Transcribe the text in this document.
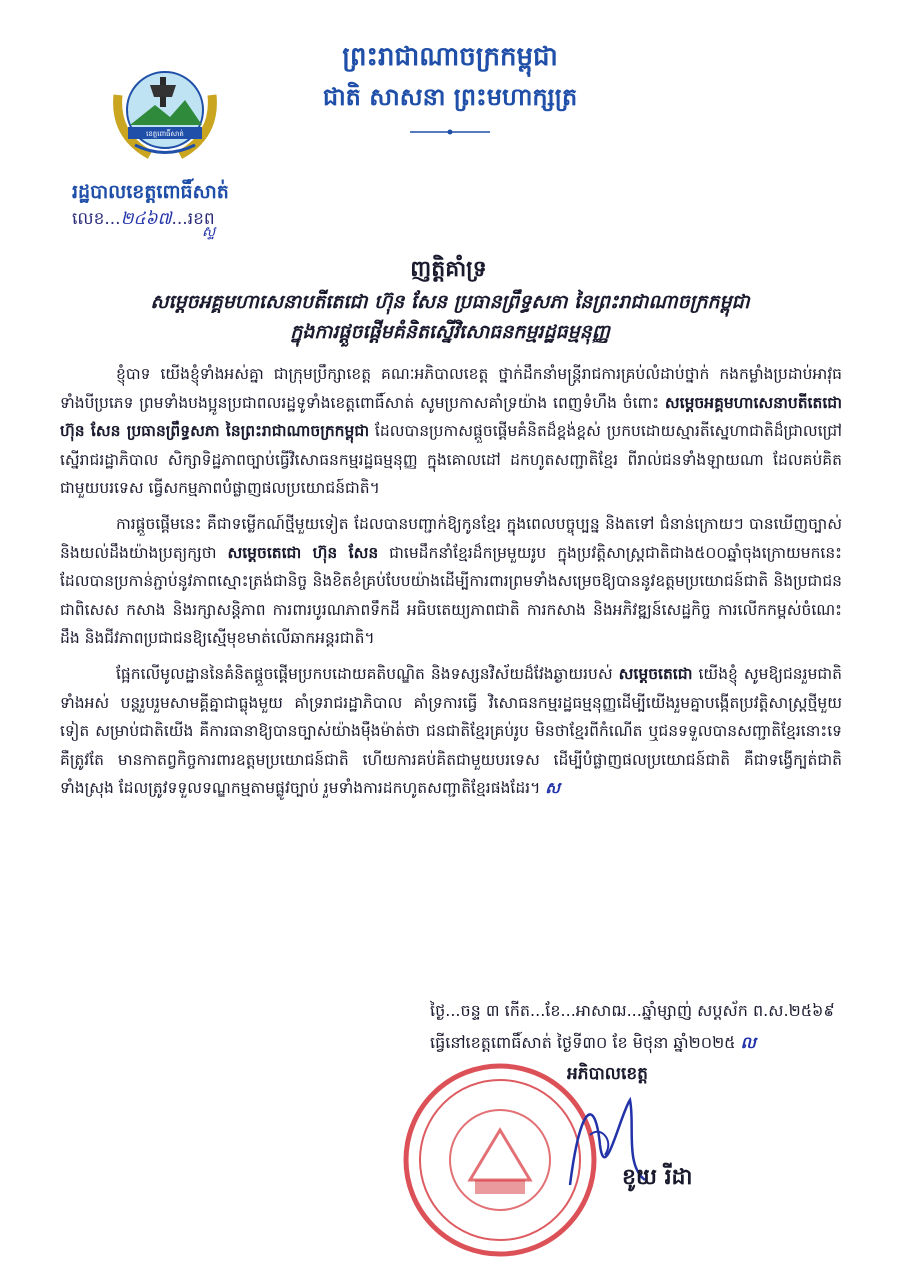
ខេត្តពោធិ៍សាត់
ព្រះរាជាណាចក្រកម្ពុជា
ជាតិ សាសនា ព្រះមហាក្សត្រ
រដ្ឋបាលខេត្តពោធិ៍សាត់
លេខ...២៤៦៧...រខព
ស្ទ
ញត្តិគាំទ្រ
សម្ដេចអគ្គមហាសេនាបតីតេជោ ហ៊ុន សែន ប្រធានព្រឹទ្ធសភា នៃព្រះរាជាណាចក្រកម្ពុជា
ក្នុងការផ្ដួចផ្ដើមគំនិតស្នើវិសោធនកម្មរដ្ឋធម្មនុញ្ញ

ខ្ញុំបាទ យើងខ្ញុំទាំងអស់គ្នា ជាក្រុមប្រឹក្សាខេត្ត គណៈអភិបាលខេត្ត ថ្នាក់ដឹកនាំមន្ត្រីរាជការគ្រប់លំដាប់ថ្នាក់ កងកម្លាំងប្រដាប់អាវុធទាំងបីប្រភេទ ព្រមទាំងបងប្អូនប្រជាពលរដ្ឋទូទាំងខេត្តពោធិ៍សាត់ សូមប្រកាសគាំទ្រយ៉ាង ពេញទំហឹង ចំពោះ សម្ដេចអគ្គមហាសេនាបតីតេជោ ហ៊ុន សែន ប្រធានព្រឹទ្ធសភា នៃព្រះរាជាណាចក្រកម្ពុជា ដែលបានប្រកាសផ្ដួចផ្ដើមគំនិតដ៏ខ្ពង់ខ្ពស់ ប្រកបដោយស្មារតីស្នេហាជាតិដ៏ជ្រាលជ្រៅ ស្នើរាជរដ្ឋាភិបាល សិក្សាទិដ្ឋភាពច្បាប់ធ្វើវិសោធនកម្មរដ្ឋធម្មនុញ្ញ ក្នុងគោលដៅ ដកហូតសញ្ជាតិខ្មែរ ពីរាល់ជនទាំងឡាយណា ដែលគប់គិតជាមួយបរទេស ធ្វើសកម្មភាពបំផ្លាញផលប្រយោជន៍ជាតិ។

ការផ្ដួចផ្ដើមនេះ គឺជាទម្លើកណ៍ថ្មីមួយទៀត ដែលបានបញ្ជាក់ឱ្យកូនខ្មែរ ក្នុងពេលបច្ចុប្បន្ន និងតទៅ ជំនាន់ក្រោយៗ បានឃើញច្បាស់ និងយល់ដឹងយ៉ាងប្រត្យក្សថា សម្ដេចតេជោ ហ៊ុន សែន ជាមេដឹកនាំខ្មែរដ៏កម្រមួយរូប ក្នុងប្រវត្តិសាស្ត្រជាតិជាង៥០០ឆ្នាំចុងក្រោយមកនេះ ដែលបានប្រកាន់ភ្ជាប់នូវភាពស្មោះត្រង់ជានិច្ច និងខិតខំគ្រប់បែបយ៉ាងដើម្បីការពារព្រមទាំងសម្រេចឱ្យបាននូវឧត្តមប្រយោជន៍ជាតិ និងប្រជាជន ជាពិសេស កសាង និងរក្សាសន្តិភាព ការពារបូរណភាពទឹកដី អធិបតេយ្យភាពជាតិ ការកសាង និងអភិវឌ្ឍន៍សេដ្ឋកិច្ច ការលើកកម្ពស់ចំណេះដឹង និងជីវភាពប្រជាជនឱ្យស្មើមុខមាត់លើឆាកអន្តរជាតិ។

ផ្អែកលើមូលដ្ឋាននៃគំនិតផ្ដួចផ្ដើមប្រកបដោយគតិបណ្ឌិត និងទស្សនវិស័យដ៏វែងឆ្ងាយរបស់ សម្ដេចតេជោ យើងខ្ញុំ សូមឱ្យជនរួមជាតិទាំងអស់ បន្តរួបរួមសាមគ្គីគ្នាជាធ្លុងមួយ គាំទ្ររាជរដ្ឋាភិបាល គាំទ្រការធ្វើ វិសោធនកម្មរដ្ឋធម្មនុញ្ញដើម្បីយើងរួមគ្នាបង្កើតប្រវត្តិសាស្ត្រថ្មីមួយទៀត សម្រាប់ជាតិយើង គឺការធានាឱ្យបានច្បាស់យ៉ាងម៉ឺងម៉ាត់ថា ជនជាតិខ្មែរគ្រប់រូប មិនថាខ្មែរពីកំណើត ឬជនទទួលបានសញ្ជាតិខ្មែរនោះទេ គឺត្រូវតែ មានកាតព្វកិច្ចការពារឧត្តមប្រយោជន៍ជាតិ ហើយការគប់គិតជាមួយបរទេស ដើម្បីបំផ្លាញផលប្រយោជន៍ជាតិ គឺជាទង្វើក្បត់ជាតិទាំងស្រុង ដែលត្រូវទទួលទណ្ឌកម្មតាមផ្លូវច្បាប់ រួមទាំងការដកហូតសញ្ជាតិខ្មែរផងដែរ។ ស

ថ្ងៃ...ចន្ទ ៣ កើត...ខែ...អាសាឍ...ឆ្នាំម្សាញ់ សប្តស័ក ព.ស.២៥៦៩
ធ្វើនៅខេត្តពោធិ៍សាត់ ថ្ងៃទី៣០ ខែ មិថុនា ឆ្នាំ២០២៥ ល
អភិបាលខេត្ត
ខូយ រីដា
